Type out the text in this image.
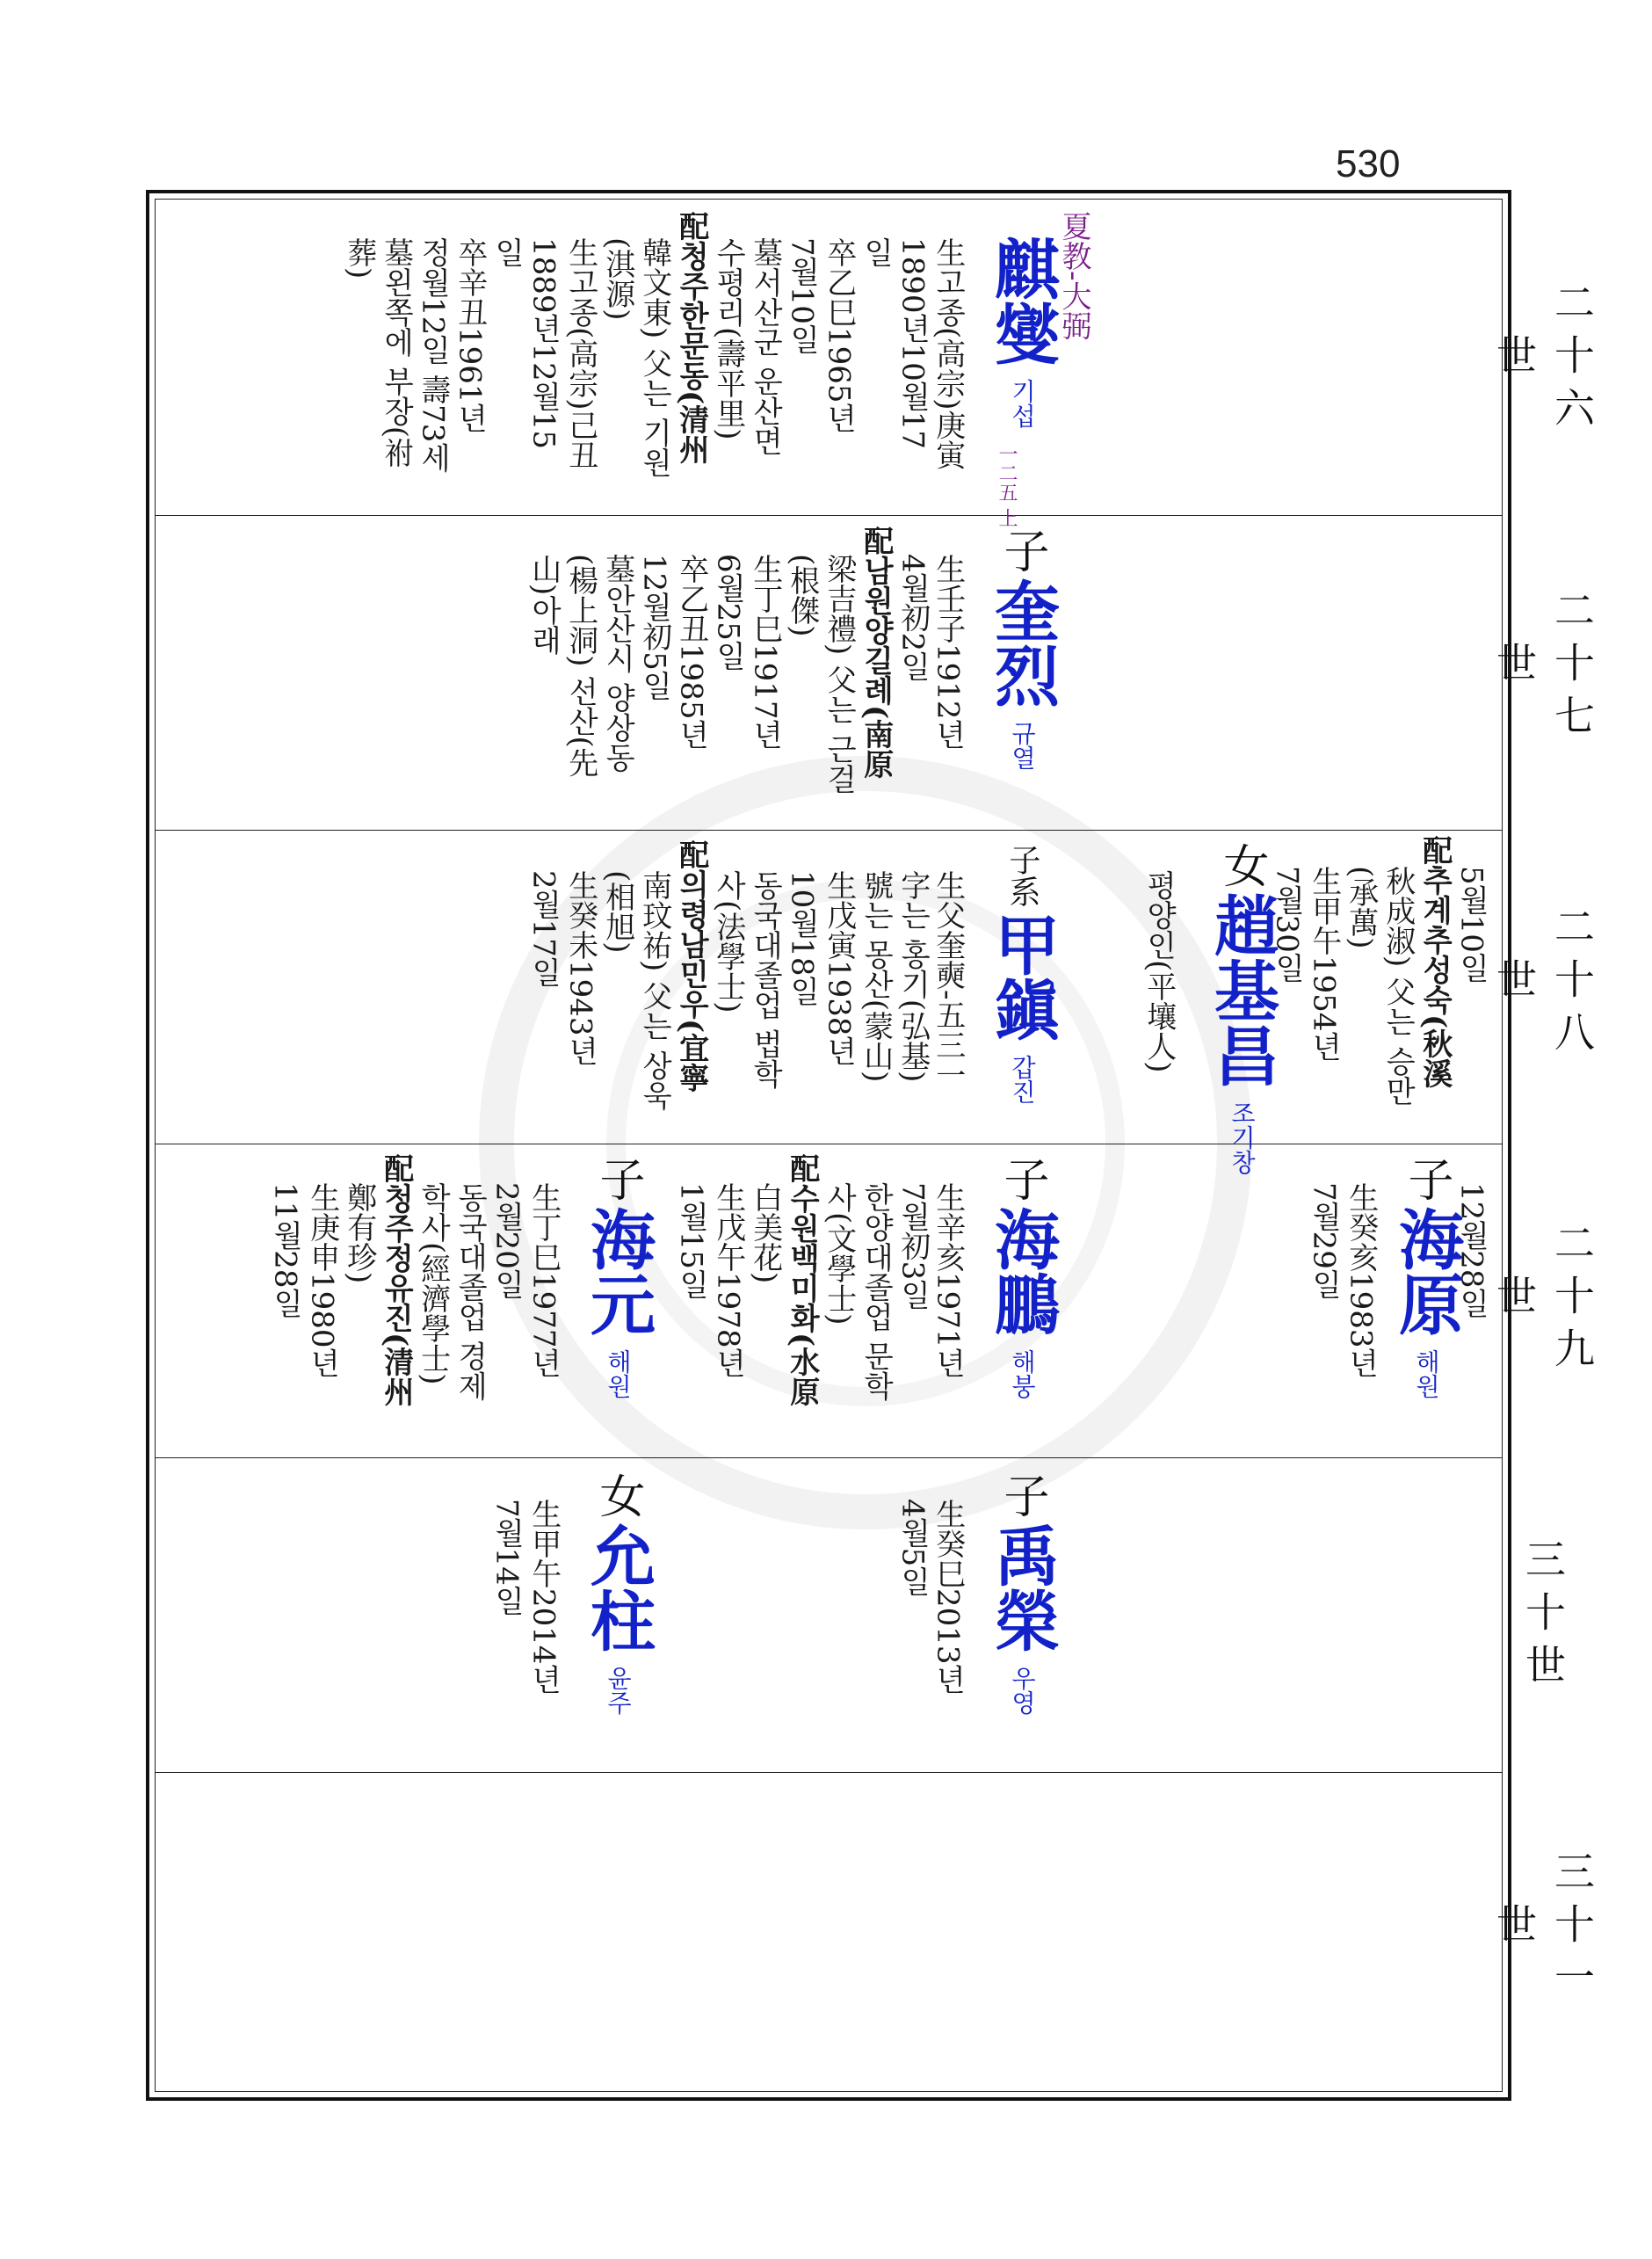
530
二十六世
二十七世
二十八世
二十九世
三十世
三十一世
夏教-大弼
一二五 上
麒燮 기섭
生고종(高宗)庚寅
1890년10월17
일
卒乙巳1965년
7월10일
墓서산군 운산면
수평리(壽平里)
配청주한문동(清州
韓文東) 父는 기원
(淇源)
生고종(高宗)己丑
1889년12월15
일
卒辛丑1961년
정월12일 壽73세
墓왼쪽에 부장(祔
葬)
子 奎烈 규열
生壬子1912년
4월初2일
配남원양길례(南原
梁吉禮) 父는 근걸
(根傑)
生丁巳1917년
6월25일
卒乙丑1985년
12월初5일
墓안산시 양상동
(楊上洞) 선산(先
山)아래
5월10일
配추계추성숙(秋溪
秋成淑) 父는 승만
(承萬)
生甲午1954년
7월30일
女 趙基昌 조기창
평양인(平壤人)
子系 甲鎭 갑진
生父奎奭-五三一
字는 홍기(弘基)
號는 몽산(蒙山)
生戊寅1938년
10월18일
동국대졸업 법학
사(法學士)
配의령남민우(宜寧
南玟祐) 父는 상욱
(相旭)
生癸未1943년
2월17일
12월28일
子 海原 해원
生癸亥1983년
7월29일
子 海鵬 해붕
生辛亥1971년
7월初3일
한양대졸업 문학
사(文學士)
配수원백미화(水原
白美花)
生戊午1978년
1월15일
子 海元 해원
生丁巳1977년
2월20일
동국대졸업 경제
학사(經濟學士)
配청주정유진(清州
鄭有珍)
生庚申1980년
11월28일
子 禹榮 우영
生癸巳2013년
4월5일
女 允柱 윤주
生甲午2014년
7월14일
